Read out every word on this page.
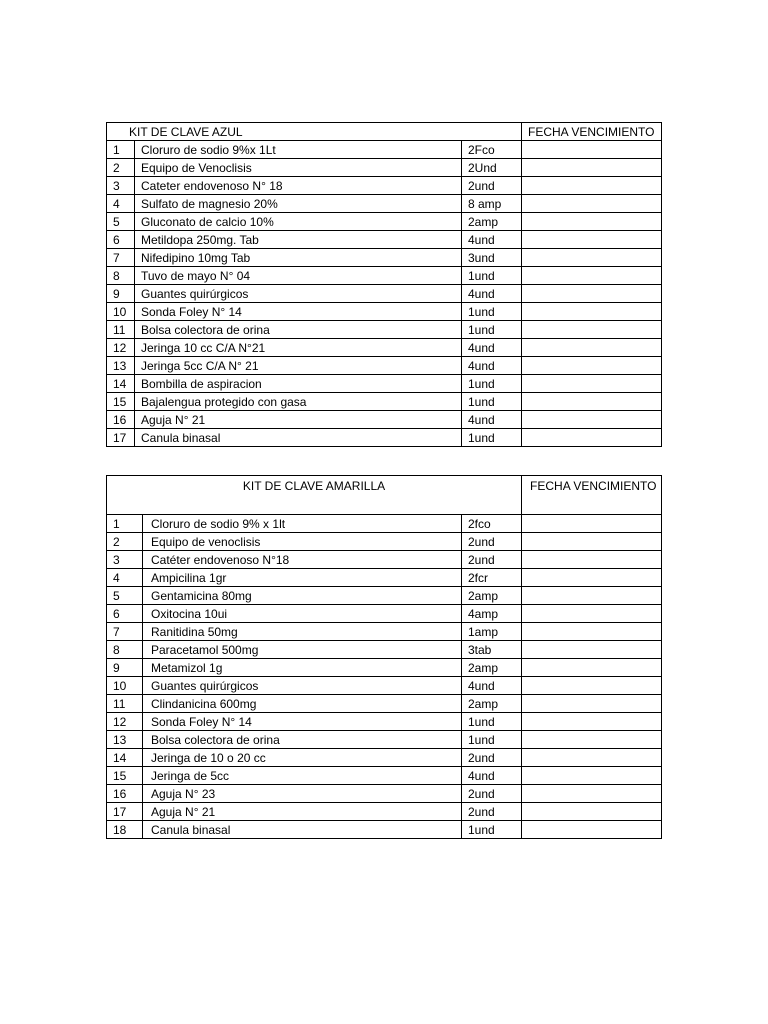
KIT DE CLAVE AZUL			FECHA VENCIMIENTO
1	Cloruro de sodio 9%x 1Lt	2Fco	
2	Equipo de Venoclisis	2Und	
3	Cateter endovenoso N° 18	2und	
4	Sulfato de magnesio 20%	8 amp	
5	Gluconato de calcio 10%	2amp	
6	Metildopa 250mg. Tab	4und	
7	Nifedipino 10mg Tab	3und	
8	Tuvo de mayo N° 04	1und	
9	Guantes quirúrgicos	4und	
10	Sonda Foley N° 14	1und	
11	Bolsa colectora de orina	1und	
12	Jeringa 10 cc C/A N°21	4und	
13	Jeringa 5cc C/A N° 21	4und	
14	Bombilla de aspiracion	1und	
15	Bajalengua protegido con gasa	1und	
16	Aguja N° 21	4und	
17	Canula binasal	1und	
KIT DE CLAVE AMARILLA			FECHA VENCIMIENTO
1	Cloruro de sodio 9% x 1lt	2fco	
2	Equipo de venoclisis	2und	
3	Catéter endovenoso N°18	2und	
4	Ampicilina 1gr	2fcr	
5	Gentamicina 80mg	2amp	
6	Oxitocina 10ui	4amp	
7	Ranitidina 50mg	1amp	
8	Paracetamol 500mg	3tab	
9	Metamizol 1g	2amp	
10	Guantes quirúrgicos	4und	
11	Clindanicina 600mg	2amp	
12	Sonda Foley N° 14	1und	
13	Bolsa colectora de orina	1und	
14	Jeringa de 10 o 20 cc	2und	
15	Jeringa de 5cc	4und	
16	Aguja N° 23	2und	
17	Aguja N° 21	2und	
18	Canula binasal	1und	
